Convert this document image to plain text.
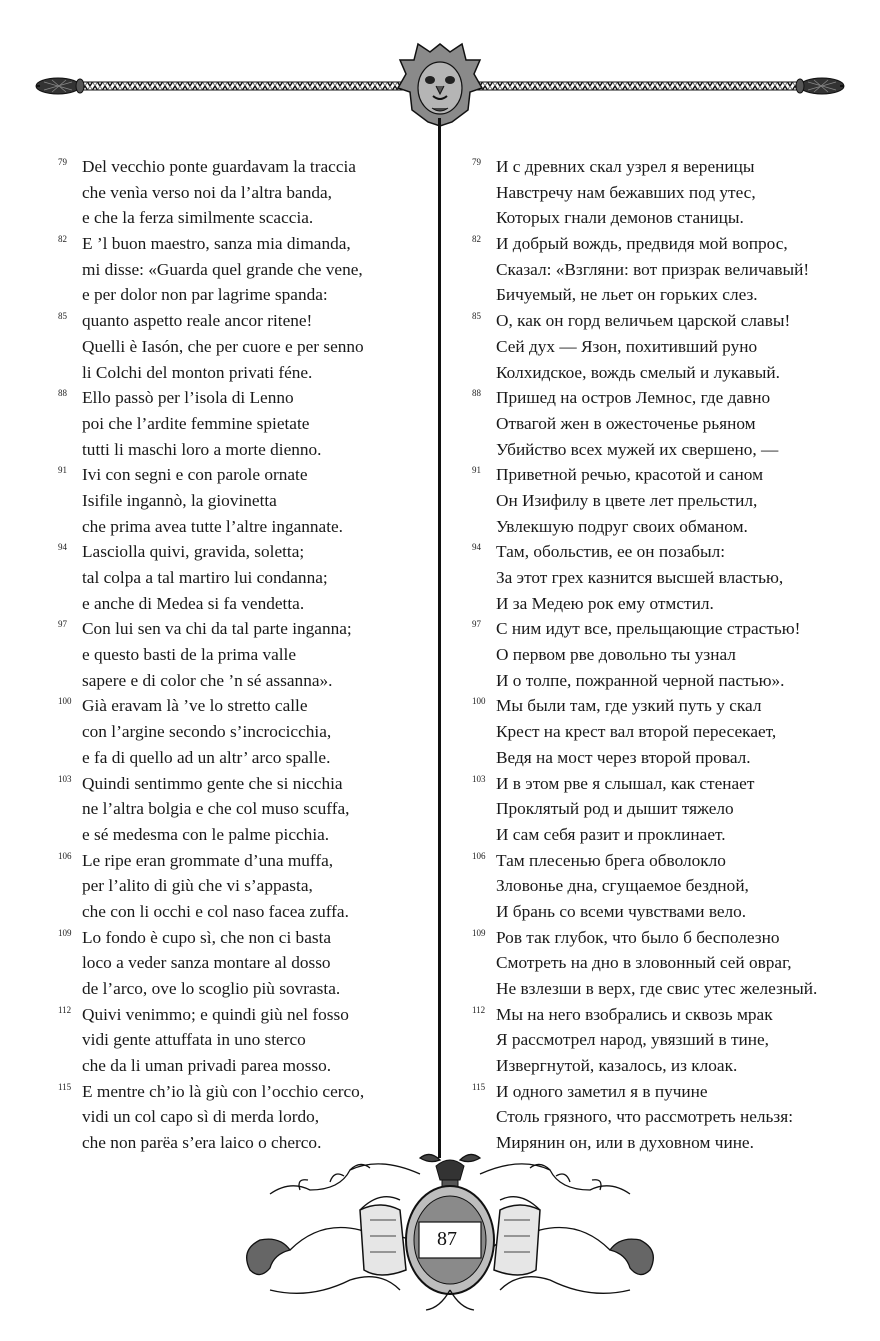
79 Del vecchio ponte guardavam la traccia
che venìa verso noi da l’altra banda,
e che la ferza similmente scaccia.
82 E ’l buon maestro, sanza mia dimanda,
mi disse: «Guarda quel grande che vene,
e per dolor non par lagrime spanda:
85 quanto aspetto reale ancor ritene!
Quelli è Iasón, che per cuore e per senno
li Colchi del monton privati féne.
88 Ello passò per l’isola di Lenno
poi che l’ardite femmine spietate
tutti li maschi loro a morte dienno.
91 Ivi con segni e con parole ornate
Isifile ingannò, la giovinetta
che prima avea tutte l’altre ingannate.
94 Lasciolla quivi, gravida, soletta;
tal colpa a tal martiro lui condanna;
e anche di Medea si fa vendetta.
97 Con lui sen va chi da tal parte inganna;
e questo basti de la prima valle
sapere e di color che ’n sé assanna».
100 Già eravam là ’ve lo stretto calle
con l’argine secondo s’incrocicchia,
e fa di quello ad un altr’ arco spalle.
103 Quindi sentimmo gente che si nicchia
ne l’altra bolgia e che col muso scuffa,
e sé medesma con le palme picchia.
106 Le ripe eran grommate d’una muffa,
per l’alito di giù che vi s’appasta,
che con li occhi e col naso facea zuffa.
109 Lo fondo è cupo sì, che non ci basta
loco a veder sanza montare al dosso
de l’arco, ove lo scoglio più sovrasta.
112 Quivi venimmo; e quindi giù nel fosso
vidi gente attuffata in uno sterco
che da li uman privadi parea mosso.
115 E mentre ch’io là giù con l’occhio cerco,
vidi un col capo sì di merda lordo,
che non parëa s’era laico o cherco.
79 И с древних скал узрел я вереницы
Навстречу нам бежавших под утес,
Которых гнали демонов станицы.
82 И добрый вождь, предвидя мой вопрос,
Сказал: «Взгляни: вот призрак величавый!
Бичуемый, не льет он горьких слез.
85 О, как он горд величьем царской славы!
Сей дух — Язон, похитивший руно
Колхидское, вождь смелый и лукавый.
88 Пришед на остров Лемнос, где давно
Отвагой жен в ожесточенье рьяном
Убийство всех мужей их свершено, —
91 Приветной речью, красотой и саном
Он Изифилу в цвете лет прельстил,
Увлекшую подруг своих обманом.
94 Там, обольстив, ее он позабыл:
За этот грех казнится высшей властью,
И за Медею рок ему отмстил.
97 С ним идут все, прельщающие страстью!
О первом рве довольно ты узнал
И о толпе, пожранной черной пастью».
100 Мы были там, где узкий путь у скал
Крест на крест вал второй пересекает,
Ведя на мост через второй провал.
103 И в этом рве я слышал, как стенает
Проклятый род и дышит тяжело
И сам себя разит и проклинает.
106 Там плесенью брега обволокло
Зловонье дна, сгущаемое бездной,
И брань со всеми чувствами вело.
109 Ров так глубок, что было б бесполезно
Смотреть на дно в зловонный сей овраг,
Не взлезши в верх, где свис утес железный.
112 Мы на него взобрались и сквозь мрак
Я рассмотрел народ, увязший в тине,
Извергнутой, казалось, из клоак.
115 И одного заметил я в пучине
Столь грязного, что рассмотреть нельзя:
Мирянин он, или в духовном чине.
87
